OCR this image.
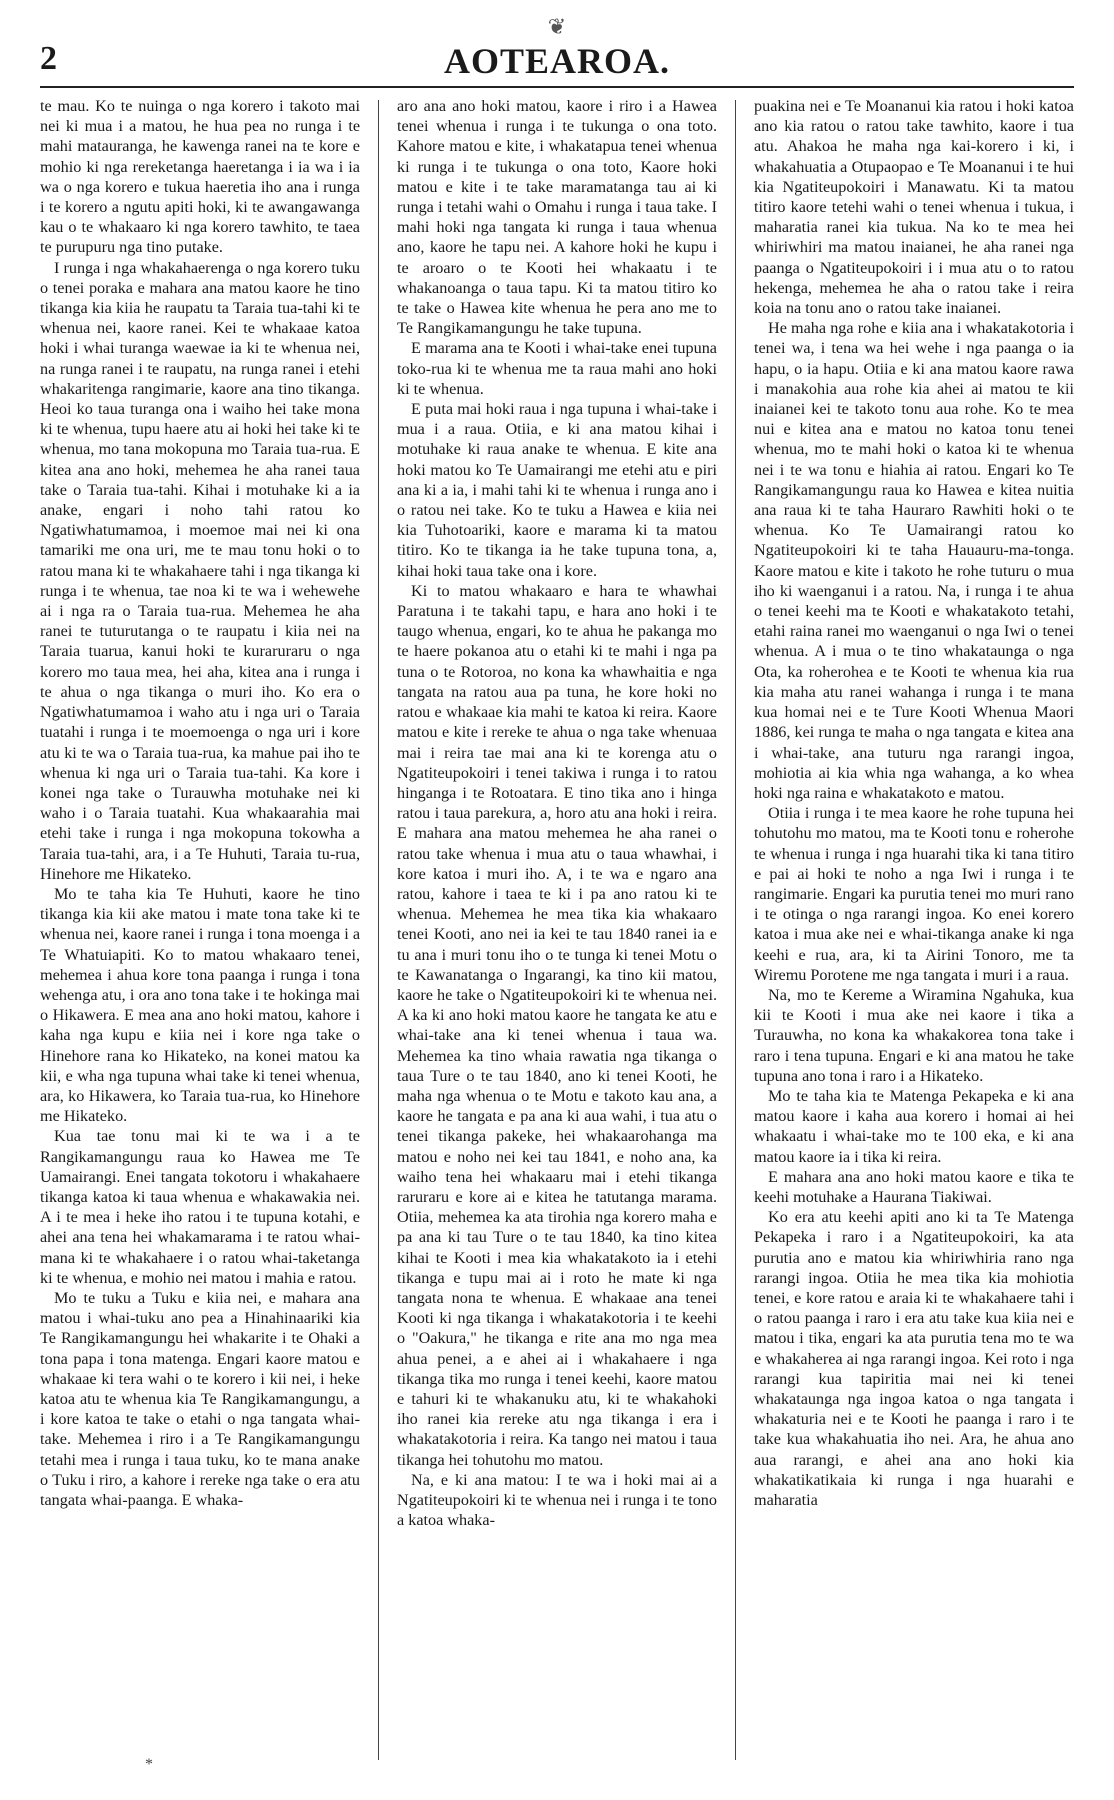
2
❦
AOTEAROA.

te mau. Ko te nuinga o nga korero i takoto mai nei ki mua i a matou, he hua pea no runga i te mahi matauranga, he kawenga ranei na te kore e mohio ki nga rereketanga haeretanga i ia wa i ia wa o nga korero e tukua haeretia iho ana i runga i te korero a ngutu apiti hoki, ki te awangawanga kau o te whakaaro ki nga korero tawhito, te taea te purupuru nga tino putake.

I runga i nga whakahaerenga o nga korero tuku o tenei poraka e mahara ana matou kaore he tino tikanga kia kiia he raupatu ta Taraia tua-tahi ki te whenua nei, kaore ranei. Kei te whakaae katoa hoki i whai turanga waewae ia ki te whenua nei, na runga ranei i te raupatu, na runga ranei i etehi whakaritenga rangimarie, kaore ana tino tikanga. Heoi ko taua turanga ona i waiho hei take mona ki te whenua, tupu haere atu ai hoki hei take ki te whenua, mo tana mokopuna mo Taraia tua-rua. E kitea ana ano hoki, mehemea he aha ranei taua take o Taraia tua-tahi. Kihai i motuhake ki a ia anake, engari i noho tahi ratou ko Ngatiwhatumamoa, i moemoe mai nei ki ona tamariki me ona uri, me te mau tonu hoki o to ratou mana ki te whakahaere tahi i nga tikanga ki runga i te whenua, tae noa ki te wa i wehewehe ai i nga ra o Taraia tua-rua. Mehemea he aha ranei te tuturutanga o te raupatu i kiia nei na Taraia tuarua, kanui hoki te kuraruraru o nga korero mo taua mea, hei aha, kitea ana i runga i te ahua o nga tikanga o muri iho. Ko era o Ngatiwhatumamoa i waho atu i nga uri o Taraia tuatahi i runga i te moemoenga o nga uri i kore atu ki te wa o Taraia tua-rua, ka mahue pai iho te whenua ki nga uri o Taraia tua-tahi. Ka kore i konei nga take o Turauwha motuhake nei ki waho i o Taraia tuatahi. Kua whakaarahia mai etehi take i runga i nga mokopuna tokowha a Taraia tua-tahi, ara, i a Te Huhuti, Taraia tu-rua, Hinehore me Hikateko.

Mo te taha kia Te Huhuti, kaore he tino tikanga kia kii ake matou i mate tona take ki te whenua nei, kaore ranei i runga i tona moenga i a Te Whatuiapiti. Ko to matou whakaaro tenei, mehemea i ahua kore tona paanga i runga i tona wehenga atu, i ora ano tona take i te hokinga mai o Hikawera. E mea ana ano hoki matou, kahore i kaha nga kupu e kiia nei i kore nga take o Hinehore rana ko Hikateko, na konei matou ka kii, e wha nga tupuna whai take ki tenei whenua, ara, ko Hikawera, ko Taraia tua-rua, ko Hinehore me Hikateko.

Kua tae tonu mai ki te wa i a te Rangikamangungu raua ko Hawea me Te Uamairangi. Enei tangata tokotoru i whakahaere tikanga katoa ki taua whenua e whakawakia nei. A i te mea i heke iho ratou i te tupuna kotahi, e ahei ana tena hei whakamarama i te ratou whai-mana ki te whakahaere i o ratou whai-taketanga ki te whenua, e mohio nei matou i mahia e ratou.

Mo te tuku a Tuku e kiia nei, e mahara ana matou i whai-tuku ano pea a Hinahinaariki kia Te Rangikamangungu hei whakarite i te Ohaki a tona papa i tona matenga. Engari kaore matou e whakaae ki tera wahi o te korero i kii nei, i heke katoa atu te whenua kia Te Rangikamangungu, a i kore katoa te take o etahi o nga tangata whai-take. Mehemea i riro i a Te Rangikamangungu tetahi mea i runga i taua tuku, ko te mana anake o Tuku i riro, a kahore i rereke nga take o era atu tangata whai-paanga. E whaka-

aro ana ano hoki matou, kaore i riro i a Hawea tenei whenua i runga i te tukunga o ona toto. Kahore matou e kite, i whakatapua tenei whenua ki runga i te tukunga o ona toto, Kaore hoki matou e kite i te take maramatanga tau ai ki runga i tetahi wahi o Omahu i runga i taua take. I mahi hoki nga tangata ki runga i taua whenua ano, kaore he tapu nei. A kahore hoki he kupu i te aroaro o te Kooti hei whakaatu i te whakanoanga o taua tapu. Ki ta matou titiro ko te take o Hawea kite whenua he pera ano me to Te Rangikamangungu he take tupuna.

E marama ana te Kooti i whai-take enei tupuna toko-rua ki te whenua me ta raua mahi ano hoki ki te whenua.

E puta mai hoki raua i nga tupuna i whai-take i mua i a raua. Otiia, e ki ana matou kihai i motuhake ki raua anake te whenua. E kite ana hoki matou ko Te Uamairangi me etehi atu e piri ana ki a ia, i mahi tahi ki te whenua i runga ano i o ratou nei take. Ko te tuku a Hawea e kiia nei kia Tuhotoariki, kaore e marama ki ta matou titiro. Ko te tikanga ia he take tupuna tona, a, kihai hoki taua take ona i kore.

Ki to matou whakaaro e hara te whawhai Paratuna i te takahi tapu, e hara ano hoki i te taugo whenua, engari, ko te ahua he pakanga mo te haere pokanoa atu o etahi ki te mahi i nga pa tuna o te Rotoroa, no kona ka whawhaitia e nga tangata na ratou aua pa tuna, he kore hoki no ratou e whakaae kia mahi te katoa ki reira. Kaore matou e kite i rereke te ahua o nga take whenuaa mai i reira tae mai ana ki te korenga atu o Ngatiteupokoiri i tenei takiwa i runga i to ratou hinganga i te Rotoatara. E tino tika ano i hinga ratou i taua parekura, a, horo atu ana hoki i reira. E mahara ana matou mehemea he aha ranei o ratou take whenua i mua atu o taua whawhai, i kore katoa i muri iho. A, i te wa e ngaro ana ratou, kahore i taea te ki i pa ano ratou ki te whenua. Mehemea he mea tika kia whakaaro tenei Kooti, ano nei ia kei te tau 1840 ranei ia e tu ana i muri tonu iho o te tunga ki tenei Motu o te Kawanatanga o Ingarangi, ka tino kii matou, kaore he take o Ngatiteupokoiri ki te whenua nei. A ka ki ano hoki matou kaore he tangata ke atu e whai-take ana ki tenei whenua i taua wa. Mehemea ka tino whaia rawatia nga tikanga o taua Ture o te tau 1840, ano ki tenei Kooti, he maha nga whenua o te Motu e takoto kau ana, a kaore he tangata e pa ana ki aua wahi, i tua atu o tenei tikanga pakeke, hei whakaarohanga ma matou e noho nei kei tau 1841, e noho ana, ka waiho tena hei whakaaru mai i etehi tikanga raruraru e kore ai e kitea he tatutanga marama. Otiia, mehemea ka ata tirohia nga korero maha e pa ana ki tau Ture o te tau 1840, ka tino kitea kihai te Kooti i mea kia whakatakoto ia i etehi tikanga e tupu mai ai i roto he mate ki nga tangata nona te whenua. E whakaae ana tenei Kooti ki nga tikanga i whakatakotoria i te keehi o "Oakura," he tikanga e rite ana mo nga mea ahua penei, a e ahei ai i whakahaere i nga tikanga tika mo runga i tenei keehi, kaore matou e tahuri ki te whakanuku atu, ki te whakahoki iho ranei kia rereke atu nga tikanga i era i whakatakotoria i reira. Ka tango nei matou i taua tikanga hei tohutohu mo matou.

Na, e ki ana matou: I te wa i hoki mai ai a Ngatiteupokoiri ki te whenua nei i runga i te tono a katoa whaka-

puakina nei e Te Moananui kia ratou i hoki katoa ano kia ratou o ratou take tawhito, kaore i tua atu. Ahakoa he maha nga kai-korero i ki, i whakahuatia a Otupaopao e Te Moananui i te hui kia Ngatiteupokoiri i Manawatu. Ki ta matou titiro kaore tetehi wahi o tenei whenua i tukua, i maharatia ranei kia tukua. Na ko te mea hei whiriwhiri ma matou inaianei, he aha ranei nga paanga o Ngatiteupokoiri i i mua atu o to ratou hekenga, mehemea he aha o ratou take i reira koia na tonu ano o ratou take inaianei.

He maha nga rohe e kiia ana i whakatakotoria i tenei wa, i tena wa hei wehe i nga paanga o ia hapu, o ia hapu. Otiia e ki ana matou kaore rawa i manakohia aua rohe kia ahei ai matou te kii inaianei kei te takoto tonu aua rohe. Ko te mea nui e kitea ana e matou no katoa tonu tenei whenua, mo te mahi hoki o katoa ki te whenua nei i te wa tonu e hiahia ai ratou. Engari ko Te Rangikamangungu raua ko Hawea e kitea nuitia ana raua ki te taha Hauraro Rawhiti hoki o te whenua. Ko Te Uamairangi ratou ko Ngatiteupokoiri ki te taha Hauauru-ma-tonga. Kaore matou e kite i takoto he rohe tuturu o mua iho ki waenganui i a ratou. Na, i runga i te ahua o tenei keehi ma te Kooti e whakatakoto tetahi, etahi raina ranei mo waenganui o nga Iwi o tenei whenua. A i mua o te tino whakataunga o nga Ota, ka roherohea e te Kooti te whenua kia rua kia maha atu ranei wahanga i runga i te mana kua homai nei e te Ture Kooti Whenua Maori 1886, kei runga te maha o nga tangata e kitea ana i whai-take, ana tuturu nga rarangi ingoa, mohiotia ai kia whia nga wahanga, a ko whea hoki nga raina e whakatakoto e matou.

Otiia i runga i te mea kaore he rohe tupuna hei tohutohu mo matou, ma te Kooti tonu e roherohe te whenua i runga i nga huarahi tika ki tana titiro e pai ai hoki te noho a nga Iwi i runga i te rangimarie. Engari ka purutia tenei mo muri rano i te otinga o nga rarangi ingoa. Ko enei korero katoa i mua ake nei e whai-tikanga anake ki nga keehi e rua, ara, ki ta Airini Tonoro, me ta Wiremu Porotene me nga tangata i muri i a raua.

Na, mo te Kereme a Wiramina Ngahuka, kua kii te Kooti i mua ake nei kaore i tika a Turauwha, no kona ka whakakorea tona take i raro i tena tupuna. Engari e ki ana matou he take tupuna ano tona i raro i a Hikateko.

Mo te taha kia te Matenga Pekapeka e ki ana matou kaore i kaha aua korero i homai ai hei whakaatu i whai-take mo te 100 eka, e ki ana matou kaore ia i tika ki reira.

E mahara ana ano hoki matou kaore e tika te keehi motuhake a Haurana Tiakiwai.

Ko era atu keehi apiti ano ki ta Te Matenga Pekapeka i raro i a Ngatiteupokoiri, ka ata purutia ano e matou kia whiriwhiria rano nga rarangi ingoa. Otiia he mea tika kia mohiotia tenei, e kore ratou e araia ki te whakahaere tahi i o ratou paanga i raro i era atu take kua kiia nei e matou i tika, engari ka ata purutia tena mo te wa e whakaherea ai nga rarangi ingoa. Kei roto i nga rarangi kua tapiritia mai nei ki tenei whakataunga nga ingoa katoa o nga tangata i whakaturia nei e te Kooti he paanga i raro i te take kua whakahuatia iho nei. Ara, he ahua ano aua rarangi, e ahei ana ano hoki kia whakatikatikaia ki runga i nga huarahi e maharatia

*
